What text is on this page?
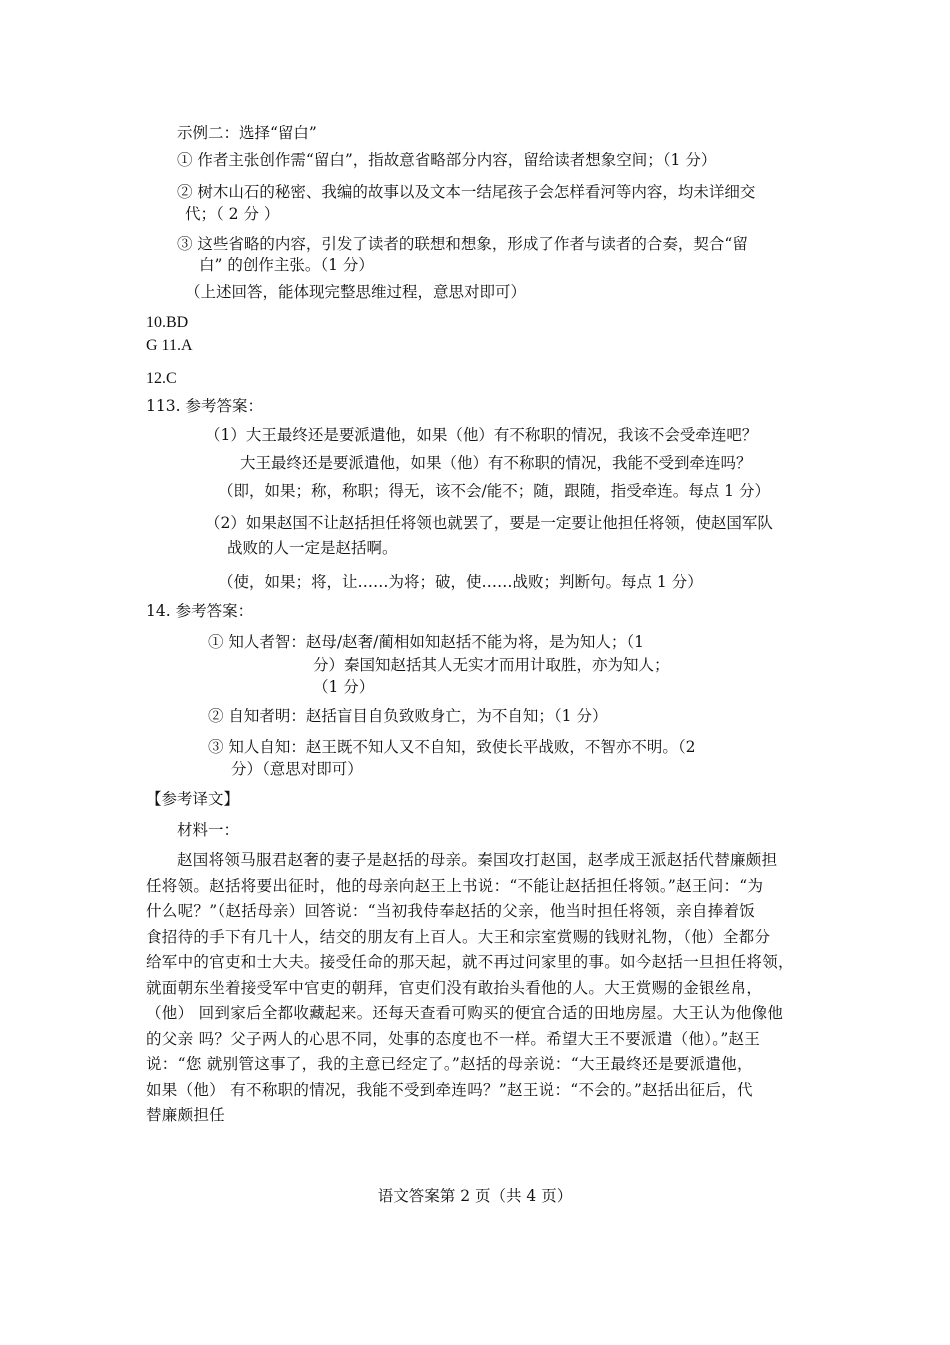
示例二：选择“留白”
① 作者主张创作需“留白”，指故意省略部分内容，留给读者想象空间；（1 分）
② 树木山石的秘密、我编的故事以及文本一结尾孩子会怎样看河等内容，均未详细交
代；（ 2 分 ）
③ 这些省略的内容，引发了读者的联想和想象，形成了作者与读者的合奏，契合“留
白” 的创作主张。（1 分）
（上述回答，能体现完整思维过程，意思对即可）
10.BD
G 11.A
12.C
113. 参考答案：
（1）大王最终还是要派遣他，如果（他）有不称职的情况，我该不会受牵连吧？
大王最终还是要派遣他，如果（他）有不称职的情况，我能不受到牵连吗？
（即，如果；称，称职；得无，该不会/能不；随，跟随，指受牵连。每点 1 分）
（2）如果赵国不让赵括担任将领也就罢了，要是一定要让他担任将领，使赵国军队
战败的人一定是赵括啊。
（使，如果；将，让……为将；破，使……战败；判断句。每点 1 分）
14. 参考答案：
① 知人者智：赵母/赵奢/蔺相如知赵括不能为将，是为知人；（1
分）秦国知赵括其人无实才而用计取胜，亦为知人；
（1 分）
② 自知者明：赵括盲目自负致败身亡，为不自知；（1 分）
③ 知人自知：赵王既不知人又不自知，致使长平战败，不智亦不明。（2
分）（意思对即可）
【参考译文】
材料一：
赵国将领马服君赵奢的妻子是赵括的母亲。秦国攻打赵国，赵孝成王派赵括代替廉颇担
任将领。赵括将要出征时，他的母亲向赵王上书说：“不能让赵括担任将领。”赵王问：“为
什么呢？”（赵括母亲）回答说：“当初我侍奉赵括的父亲，他当时担任将领，亲自捧着饭
食招待的手下有几十人，结交的朋友有上百人。大王和宗室赏赐的钱财礼物，（他）全都分
给军中的官吏和士大夫。接受任命的那天起，就不再过问家里的事。如今赵括一旦担任将领，
就面朝东坐着接受军中官吏的朝拜，官吏们没有敢抬头看他的人。大王赏赐的金银丝帛，
（他） 回到家后全都收藏起来。还每天查看可购买的便宜合适的田地房屋。大王认为他像他
的父亲 吗？父子两人的心思不同，处事的态度也不一样。希望大王不要派遣（他）。”赵王
说：“您 就别管这事了，我的主意已经定了。”赵括的母亲说：“大王最终还是要派遣他，
如果（他） 有不称职的情况，我能不受到牵连吗？”赵王说：“不会的。”赵括出征后，代
替廉颇担任
语文答案第 2 页（共 4 页）
